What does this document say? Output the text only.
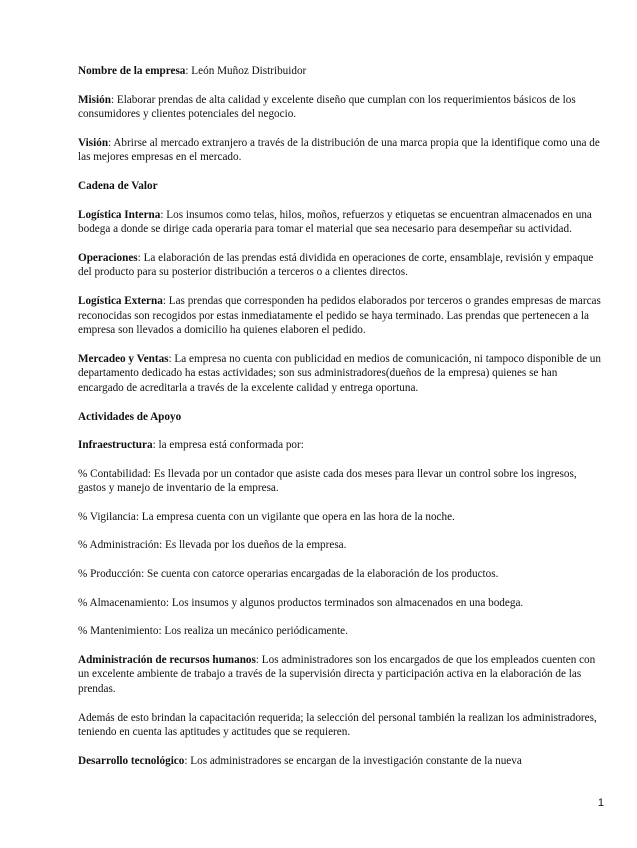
Nombre de la empresa: León Muñoz Distribuidor

Misión: Elaborar prendas de alta calidad y excelente diseño que cumplan con los requerimientos básicos de los consumidores y clientes potenciales del negocio.

Visión: Abrirse al mercado extranjero a través de la distribución de una marca propia que la identifique como una de las mejores empresas en el mercado.

Cadena de Valor

Logística Interna: Los insumos como telas, hilos, moños, refuerzos y etiquetas se encuentran almacenados en una bodega a donde se dirige cada operaria para tomar el material que sea necesario para desempeñar su actividad.

Operaciones: La elaboración de las prendas está dividida en operaciones de corte, ensamblaje, revisión y empaque del producto para su posterior distribución a terceros o a clientes directos.

Logística Externa: Las prendas que corresponden ha pedidos elaborados por terceros o grandes empresas de marcas reconocidas son recogidos por estas inmediatamente el pedido se haya terminado. Las prendas que pertenecen a la empresa son llevados a domicilio ha quienes elaboren el pedido.

Mercadeo y Ventas: La empresa no cuenta con publicidad en medios de comunicación, ni tampoco disponible de un departamento dedicado ha estas actividades; son sus administradores(dueños de la empresa) quienes se han encargado de acreditarla a través de la excelente calidad y entrega oportuna.

Actividades de Apoyo

Infraestructura: la empresa está conformada por:

% Contabilidad: Es llevada por un contador que asiste cada dos meses para llevar un control sobre los ingresos, gastos y manejo de inventario de la empresa.

% Vigilancia: La empresa cuenta con un vigilante que opera en las hora de la noche.

% Administración: Es llevada por los dueños de la empresa.

% Producción: Se cuenta con catorce operarias encargadas de la elaboración de los productos.

% Almacenamiento: Los insumos y algunos productos terminados son almacenados en una bodega.

% Mantenimiento: Los realiza un mecánico periódicamente.

Administración de recursos humanos: Los administradores son los encargados de que los empleados cuenten con un excelente ambiente de trabajo a través de la supervisión directa y participación activa en la elaboración de las prendas.

Además de esto brindan la capacitación requerida; la selección del personal también la realizan los administradores, teniendo en cuenta las aptitudes y actitudes que se requieren.

Desarrollo tecnológico: Los administradores se encargan de la investigación constante de la nueva

1
